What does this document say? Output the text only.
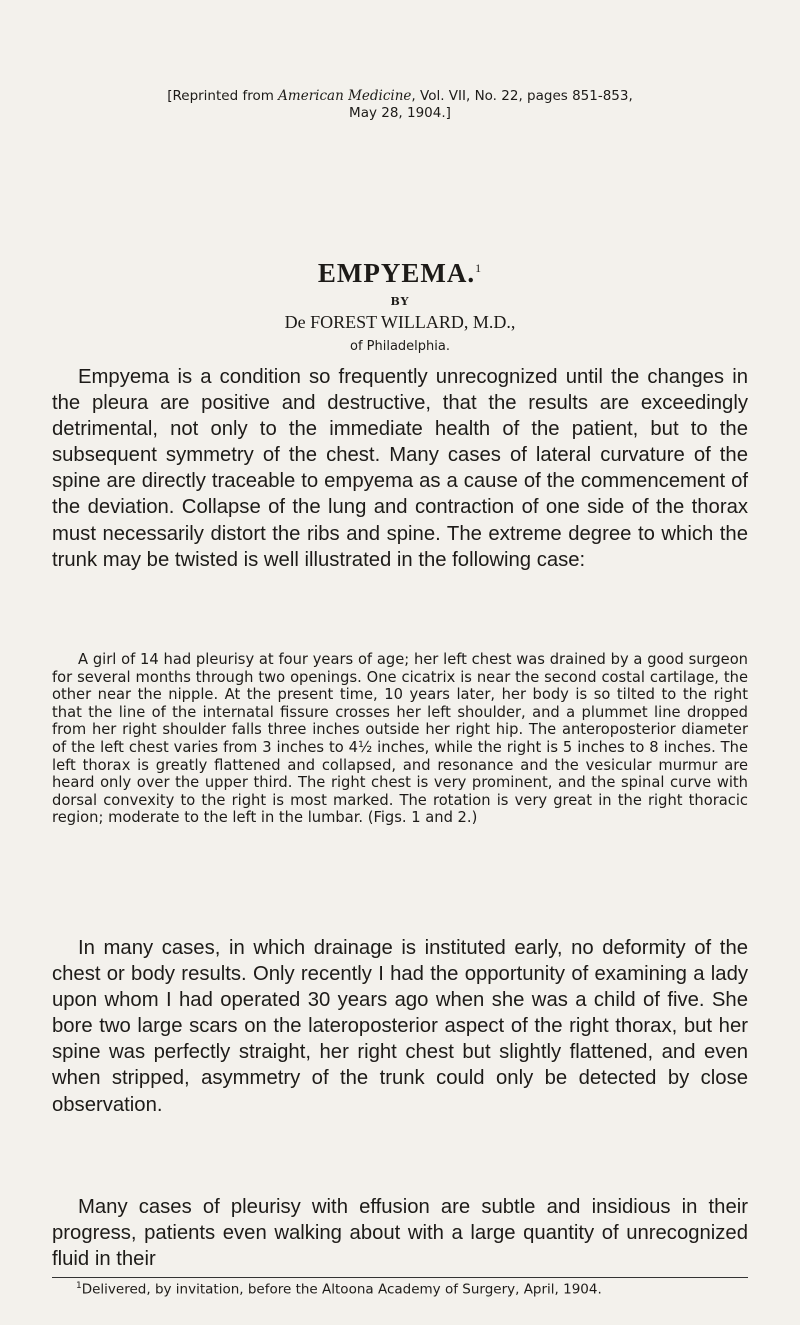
[Reprinted from American Medicine, Vol. VII, No. 22, pages 851-853,
May 28, 1904.]
EMPYEMA.$^1$
BY
De FOREST WILLARD, M.D.,
of Philadelphia.

Empyema is a condition so frequently unrecognized until the changes in the pleura are positive and destructive, that the results are exceedingly detrimental, not only to the immediate health of the patient, but to the subsequent symmetry of the chest. Many cases of lateral curvature of the spine are directly traceable to empyema as a cause of the commencement of the deviation. Collapse of the lung and contraction of one side of the thorax must necessarily distort the ribs and spine. The extreme degree to which the trunk may be twisted is well illustrated in the following case:

A girl of 14 had pleurisy at four years of age; her left chest was drained by a good surgeon for several months through two openings. One cicatrix is near the second costal cartilage, the other near the nipple. At the present time, 10 years later, her body is so tilted to the right that the line of the internatal fissure crosses her left shoulder, and a plummet line dropped from her right shoulder falls three inches outside her right hip. The anteroposterior diameter of the left chest varies from 3 inches to 4½ inches, while the right is 5 inches to 8 inches. The left thorax is greatly flattened and collapsed, and resonance and the vesicular murmur are heard only over the upper third. The right chest is very prominent, and the spinal curve with dorsal convexity to the right is most marked. The rotation is very great in the right thoracic region; moderate to the left in the lumbar. (Figs. 1 and 2.)

In many cases, in which drainage is instituted early, no deformity of the chest or body results. Only recently I had the opportunity of examining a lady upon whom I had operated 30 years ago when she was a child of five. She bore two large scars on the lateroposterior aspect of the right thorax, but her spine was perfectly straight, her right chest but slightly flattened, and even when stripped, asymmetry of the trunk could only be detected by close observation.

Many cases of pleurisy with effusion are subtle and insidious in their progress, patients even walking about with a large quantity of unrecognized fluid in their

$^1$Delivered, by invitation, before the Altoona Academy of Surgery, April, 1904.
